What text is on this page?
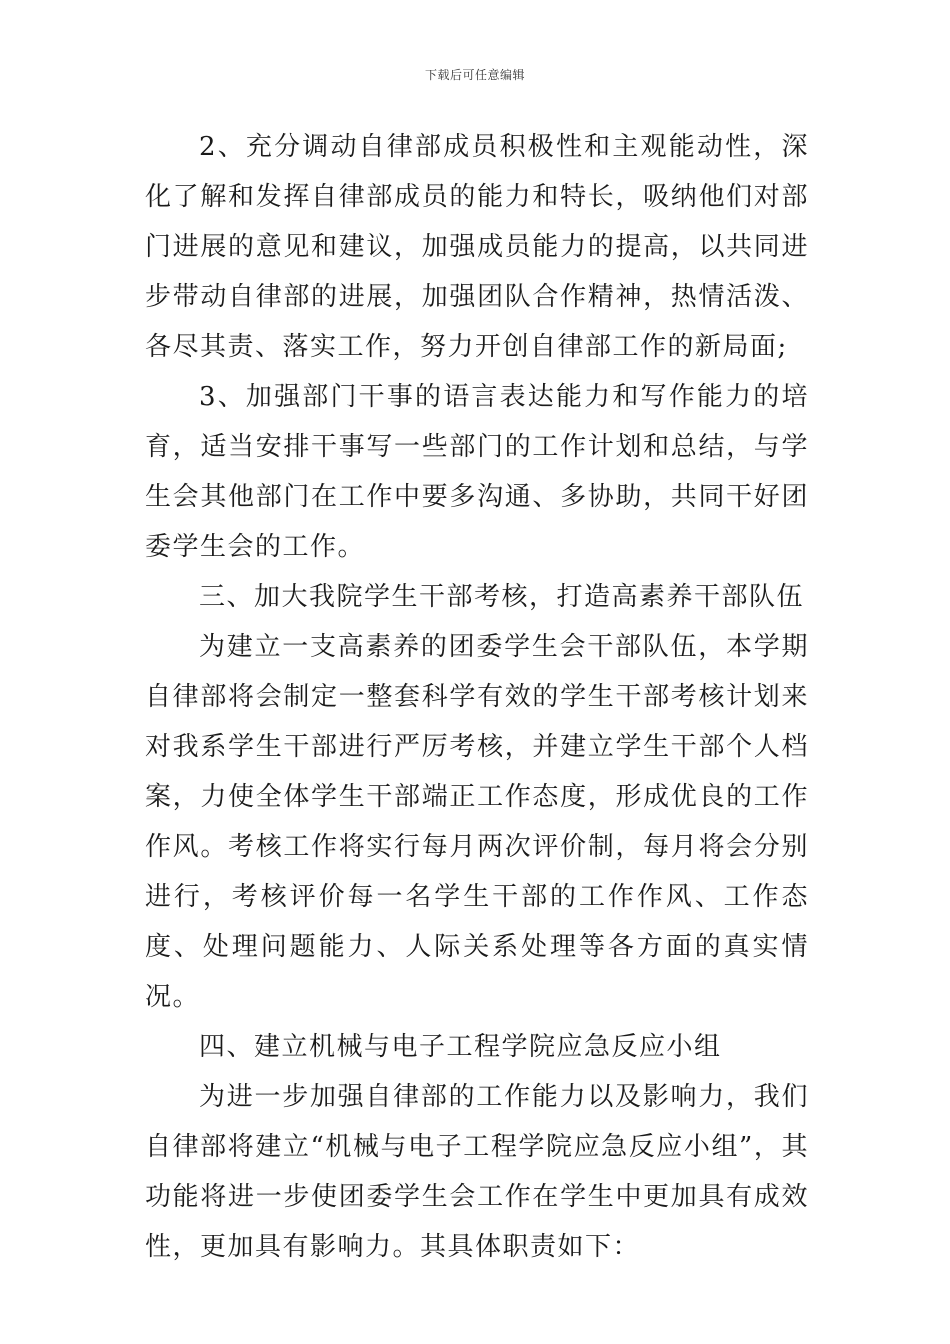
下载后可任意编辑

2、充分调动自律部成员积极性和主观能动性，深化了解和发挥自律部成员的能力和特长，吸纳他们对部门进展的意见和建议，加强成员能力的提高，以共同进步带动自律部的进展，加强团队合作精神，热情活泼、各尽其责、落实工作，努力开创自律部工作的新局面;

3、加强部门干事的语言表达能力和写作能力的培育，适当安排干事写一些部门的工作计划和总结，与学生会其他部门在工作中要多沟通、多协助，共同干好团委学生会的工作。

三、加大我院学生干部考核，打造高素养干部队伍

为建立一支高素养的团委学生会干部队伍，本学期自律部将会制定一整套科学有效的学生干部考核计划来对我系学生干部进行严厉考核，并建立学生干部个人档案，力使全体学生干部端正工作态度，形成优良的工作作风。考核工作将实行每月两次评价制，每月将会分别进行，考核评价每一名学生干部的工作作风、工作态度、处理问题能力、人际关系处理等各方面的真实情况。

四、建立机械与电子工程学院应急反应小组

为进一步加强自律部的工作能力以及影响力，我们自律部将建立“机械与电子工程学院应急反应小组”，其功能将进一步使团委学生会工作在学生中更加具有成效性，更加具有影响力。其具体职责如下：
